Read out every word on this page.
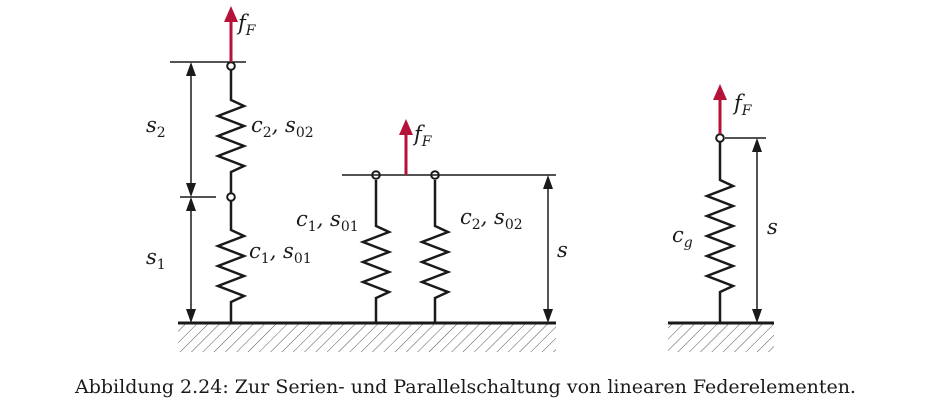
$f_F$
$c_2$, $s_{02}$
$c_1$, $s_{01}$
$s_2$
$s_1$
$f_F$
$c_1$, $s_{01}$	$c_2$, $s_{02}$
s
$f_F$
$c_g$
s
Abbildung 2.24: Zur Serien- und Parallelschaltung von linearen Federelementen.
